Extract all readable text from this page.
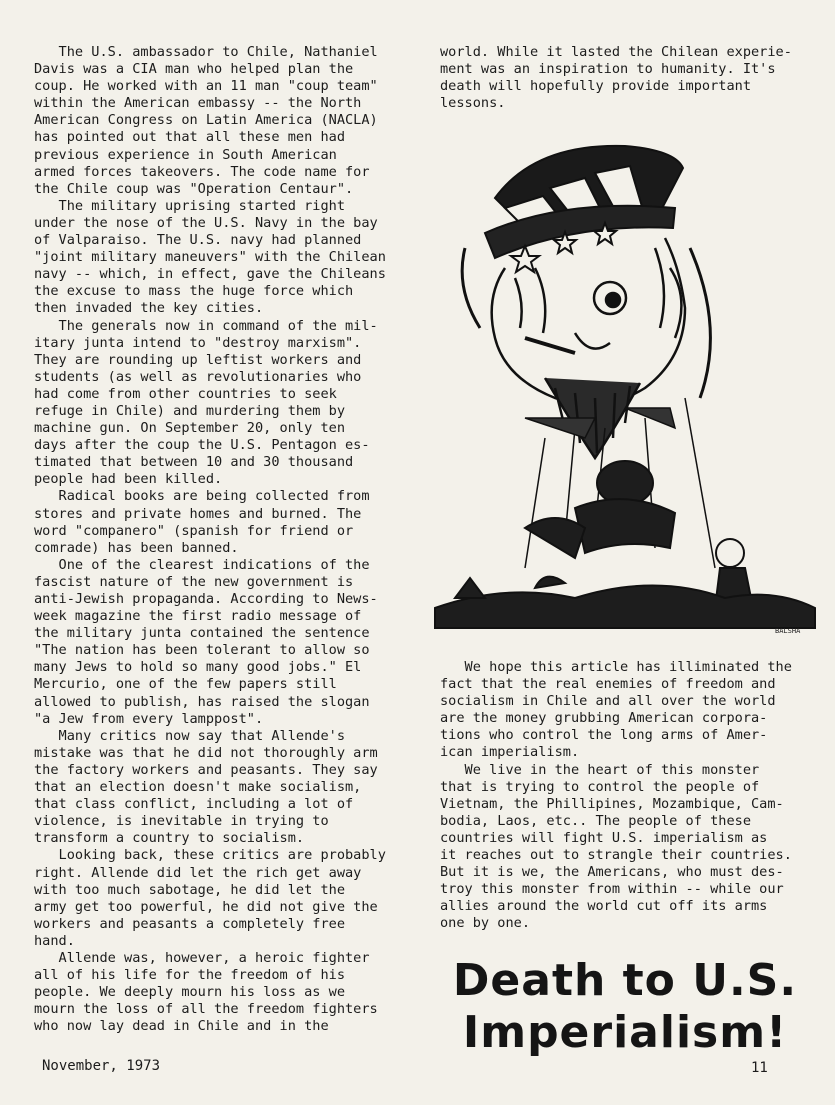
The U.S. ambassador to Chile, Nathaniel
Davis was a CIA man who helped plan the
coup. He worked with an 11 man "coup team"
within the American embassy -- the North
American Congress on Latin America (NACLA)
has pointed out that all these men had
previous experience in South American
armed forces takeovers. The code name for
the Chile coup was "Operation Centaur".
The military uprising started right
under the nose of the U.S. Navy in the bay
of Valparaiso. The U.S. navy had planned
"joint military maneuvers" with the Chilean
navy -- which, in effect, gave the Chileans
the excuse to mass the huge force which
then invaded the key cities.
The generals now in command of the mil-
itary junta intend to "destroy marxism".
They are rounding up leftist workers and
students (as well as revolutionaries who
had come from other countries to seek
refuge in Chile) and murdering them by
machine gun. On September 20, only ten
days after the coup the U.S. Pentagon es-
timated that between 10 and 30 thousand
people had been killed.
Radical books are being collected from
stores and private homes and burned. The
word "companero" (spanish for friend or
comrade) has been banned.
One of the clearest indications of the
fascist nature of the new government is
anti-Jewish propaganda. According to News-
week magazine the first radio message of
the military junta contained the sentence
"The nation has been tolerant to allow so
many Jews to hold so many good jobs." El
Mercurio, one of the few papers still
allowed to publish, has raised the slogan
"a Jew from every lamppost".
Many critics now say that Allende's
mistake was that he did not thoroughly arm
the factory workers and peasants. They say
that an election doesn't make socialism,
that class conflict, including a lot of
violence, is inevitable in trying to
transform a country to socialism.
Looking back, these critics are probably
right. Allende did let the rich get away
with too much sabotage, he did let the
army get too powerful, he did not give the
workers and peasants a completely free
hand.
Allende was, however, a heroic fighter
all of his life for the freedom of his
people. We deeply mourn his loss as we
mourn the loss of all the freedom fighters
who now lay dead in Chile and in the
world. While it lasted the Chilean experie-
ment was an inspiration to humanity. It's
death will hopefully provide important
lessons.
BALSHA
We hope this article has illiminated the
fact that the real enemies of freedom and
socialism in Chile and all over the world
are the money grubbing American corpora-
tions who control the long arms of Amer-
ican imperialism.
We live in the heart of this monster
that is trying to control the people of
Vietnam, the Phillipines, Mozambique, Cam-
bodia, Laos, etc.. The people of these
countries will fight U.S. imperialism as
it reaches out to strangle their countries.
But it is we, the Americans, who must des-
troy this monster from within -- while our
allies around the world cut off its arms
one by one.
Death to U.S.
Imperialism!
November, 1973	11
